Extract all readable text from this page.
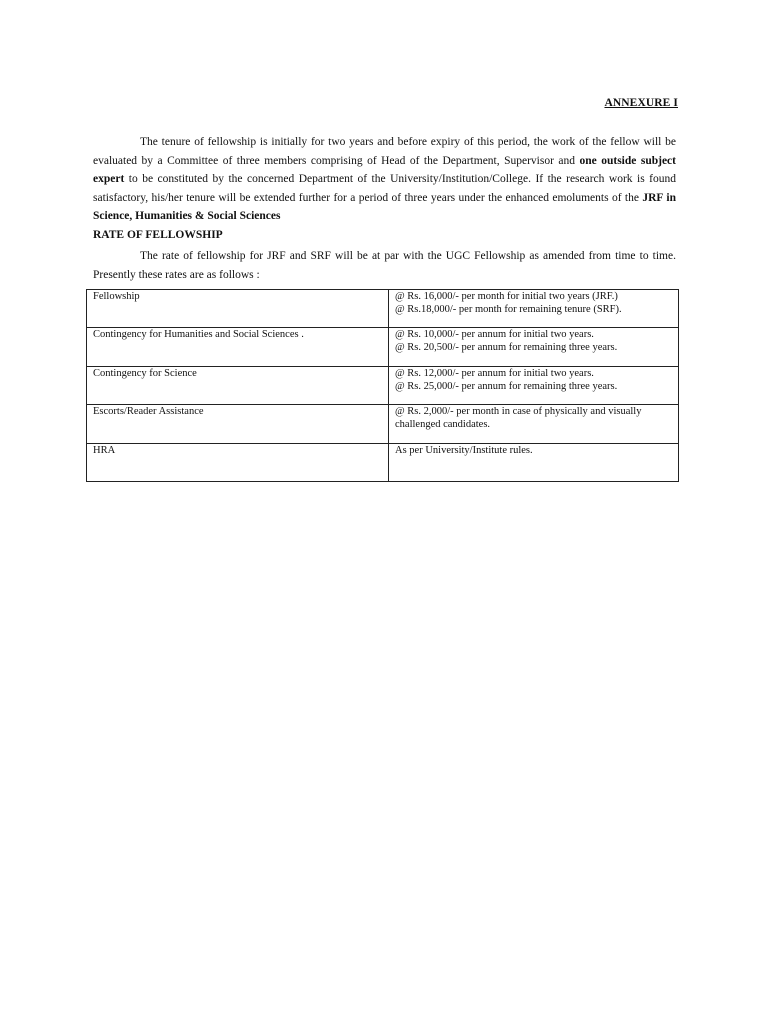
ANNEXURE I
The tenure of fellowship is initially for two years and before expiry of this period, the work of the fellow will be evaluated by a Committee of three members comprising of Head of the Department, Supervisor and one outside subject expert to be constituted by the concerned Department of the University/Institution/College. If the research work is found satisfactory, his/her tenure will be extended further for a period of three years under the enhanced emoluments of the JRF in Science, Humanities & Social Sciences
RATE OF FELLOWSHIP
The rate of fellowship for JRF and SRF will be at par with the UGC Fellowship as amended from time to time. Presently these rates are as follows :
Fellowship	@ Rs. 16,000/- per month for initial two years (JRF.)
@ Rs.18,000/- per month for remaining tenure (SRF).

Contingency for Humanities and Social Sciences .	@ Rs. 10,000/- per annum for initial two years.
@ Rs. 20,500/- per annum for remaining three years.

Contingency for Science	@ Rs. 12,000/- per annum for initial two years.
@ Rs. 25,000/- per annum for remaining three years.

Escorts/Reader Assistance	@ Rs. 2,000/- per month in case of physically and visually
challenged candidates.

HRA	As per University/Institute rules.
